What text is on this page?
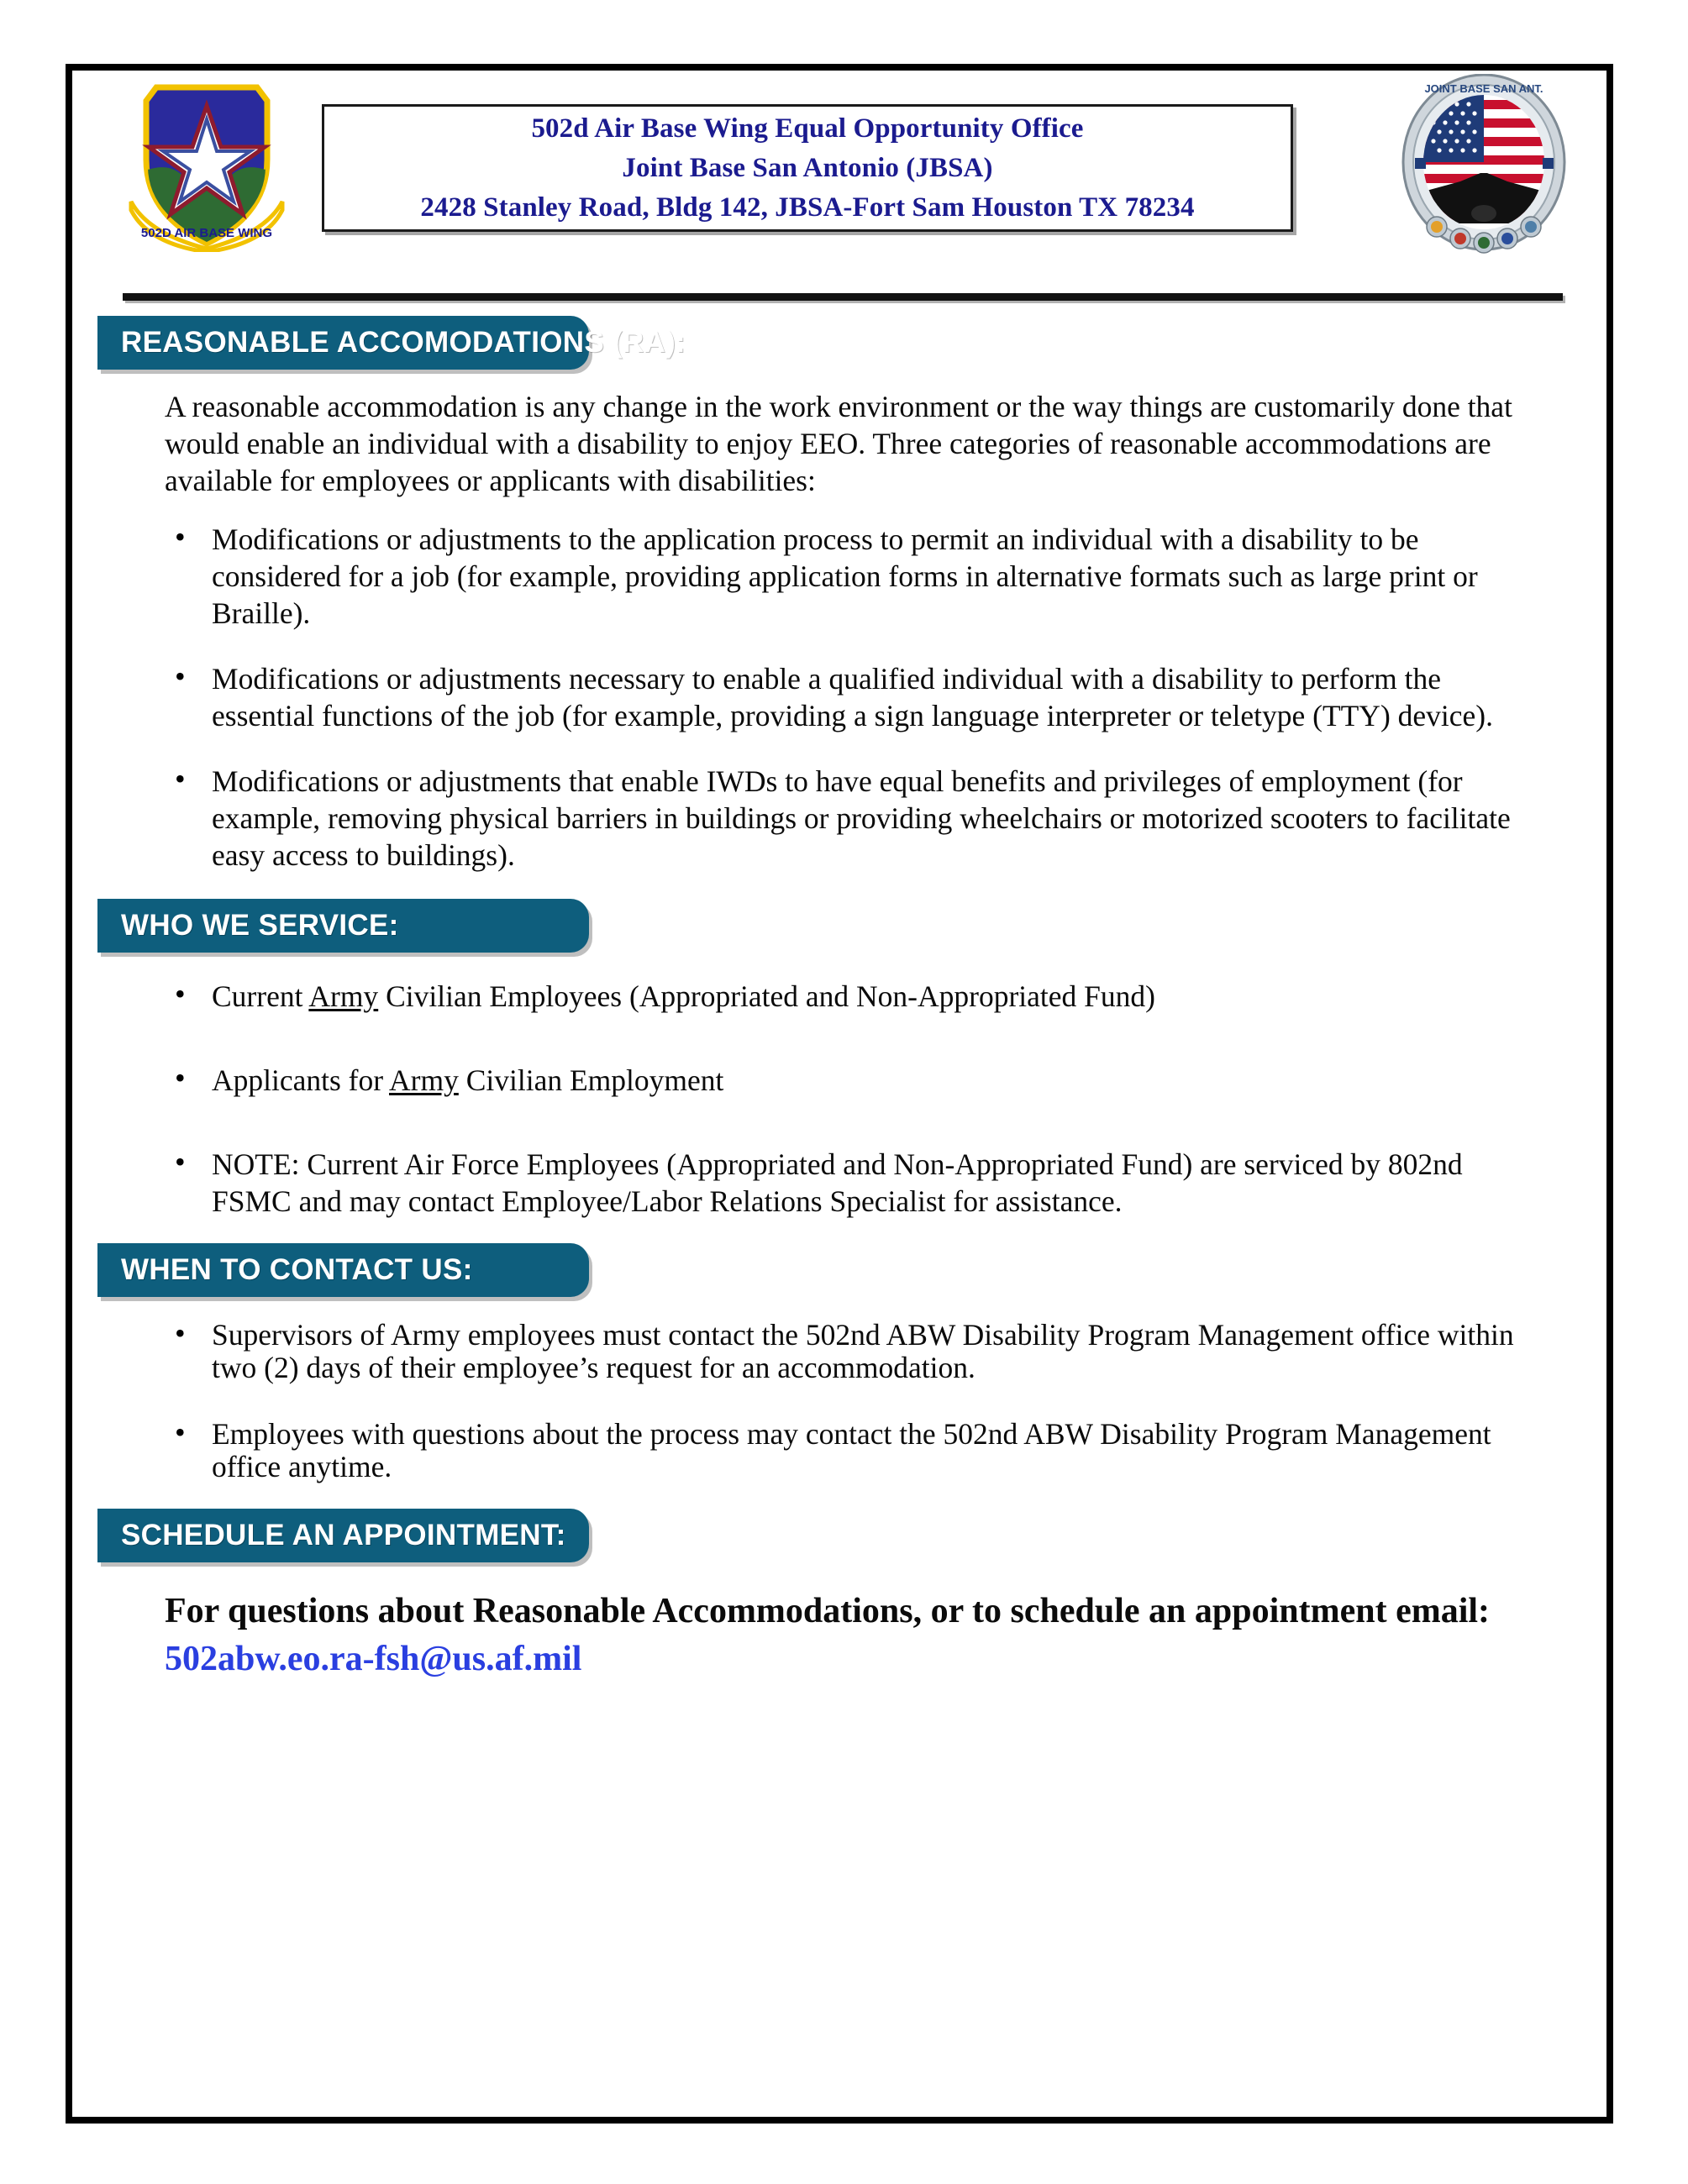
502D AIR BASE WING
502d Air Base Wing Equal Opportunity Office
Joint Base San Antonio (JBSA)
2428 Stanley Road, Bldg 142, JBSA-Fort Sam Houston TX 78234
JOINT BASE SAN ANT.
REASONABLE ACCOMODATIONS (RA):

A reasonable accommodation is any change in the work environment or the way things are customarily done that would enable an individual with a disability to enjoy EEO. Three categories of reasonable accommodations are available for employees or applicants with disabilities:

• Modifications or adjustments to the application process to permit an individual with a disability to be considered for a job (for example, providing application forms in alternative formats such as large print or Braille).
• Modifications or adjustments necessary to enable a qualified individual with a disability to perform the essential functions of the job (for example, providing a sign language interpreter or teletype (TTY) device).
• Modifications or adjustments that enable IWDs to have equal benefits and privileges of employment (for example, removing physical barriers in buildings or providing wheelchairs or motorized scooters to facilitate easy access to buildings).
WHO WE SERVICE:
• Current Army Civilian Employees (Appropriated and Non-Appropriated Fund)
• Applicants for Army Civilian Employment
• NOTE: Current Air Force Employees (Appropriated and Non-Appropriated Fund) are serviced by 802nd FSMC and may contact Employee/Labor Relations Specialist for assistance.
WHEN TO CONTACT US:
• Supervisors of Army employees must contact the 502nd ABW Disability Program Management office within two (2) days of their employee’s request for an accommodation.
• Employees with questions about the process may contact the 502nd ABW Disability Program Management office anytime.
SCHEDULE AN APPOINTMENT:

For questions about Reasonable Accommodations, or to schedule an appointment email: 502abw.eo.ra-fsh@us.af.mil
